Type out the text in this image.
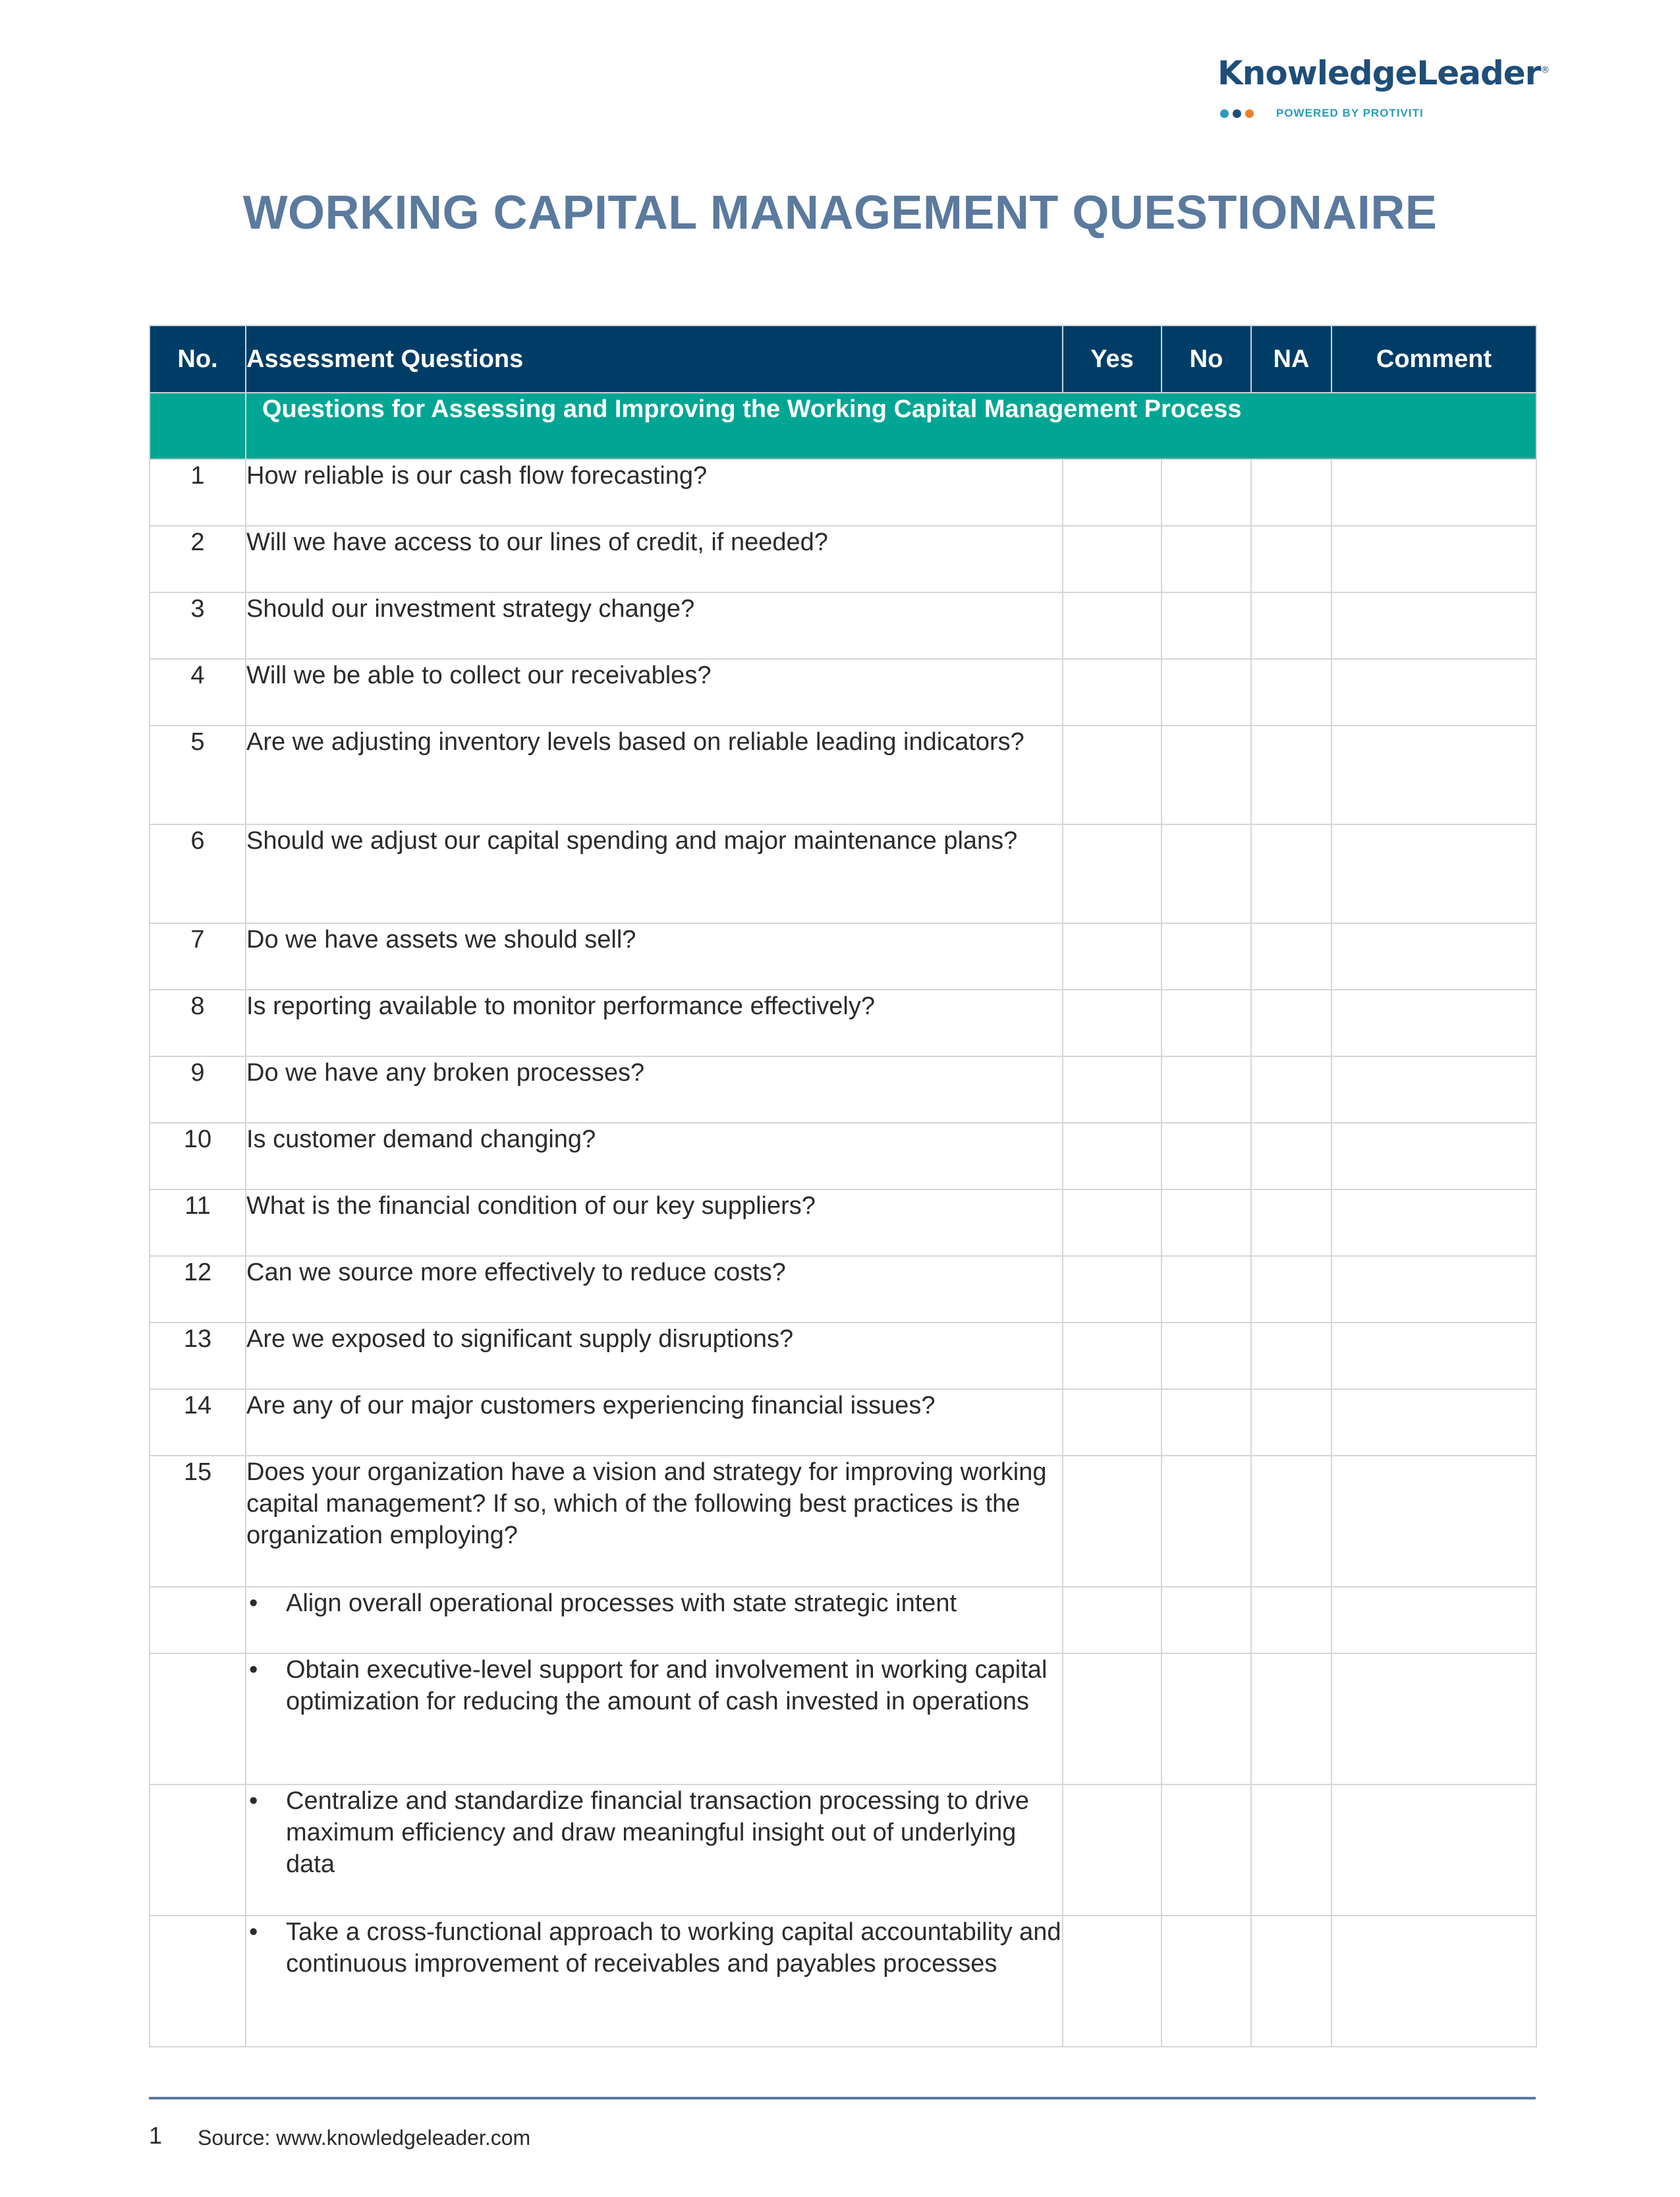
KnowledgeLeader®
POWERED BY PROTIVITI
WORKING CAPITAL MANAGEMENT QUESTIONAIRE
No.	Assessment Questions	Yes	No	NA	Comment
	Questions for Assessing and Improving the Working Capital Management Process				
1	How reliable is our cash flow forecasting?				
2	Will we have access to our lines of credit, if needed?				
3	Should our investment strategy change?				
4	Will we be able to collect our receivables?				
5	Are we adjusting inventory levels based on reliable leading indicators?				
6	Should we adjust our capital spending and major maintenance plans?				
7	Do we have assets we should sell?				
8	Is reporting available to monitor performance effectively?				
9	Do we have any broken processes?				
10	Is customer demand changing?				
11	What is the financial condition of our key suppliers?				
12	Can we source more effectively to reduce costs?				
13	Are we exposed to significant supply disruptions?				
14	Are any of our major customers experiencing financial issues?				
15	Does your organization have a vision and strategy for improving working capital management? If so, which of the following best practices is the organization employing?				

	• Align overall operational processes with state strategic intent				

	• Obtain executive-level support for and involvement in working capital optimization for reducing the amount of cash invested in operations				

	• Centralize and standardize financial transaction processing to drive maximum efficiency and draw meaningful insight out of underlying data				

	• Take a cross-functional approach to working capital accountability and continuous improvement of receivables and payables processes				

1 Source: www.knowledgeleader.com
